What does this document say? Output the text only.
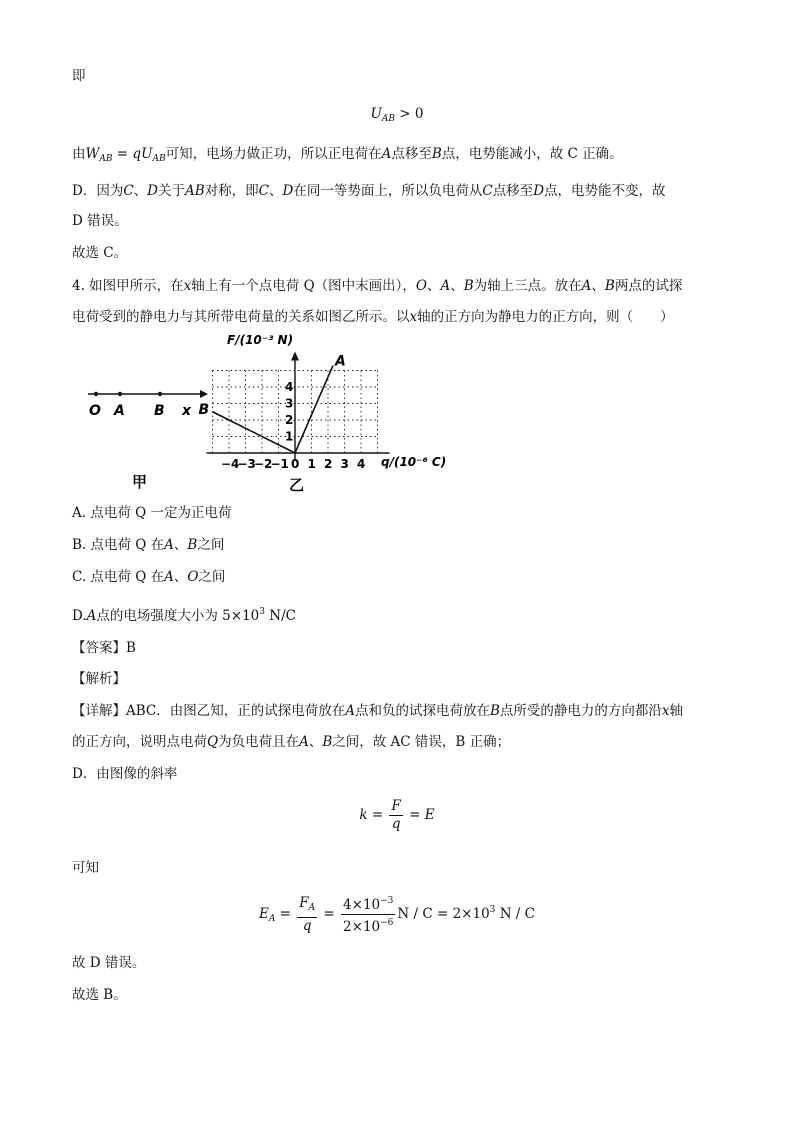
即
$U_{AB} > 0$
由$W_{AB} = qU_{AB}$可知，电场力做正功，所以正电荷在A点移至B点，电势能减小，故 C 正确。
D．因为C、D关于AB对称，即C、D在同一等势面上，所以负电荷从C点移至D点，电势能不变，故
D 错误。
故选 C。
4. 如图甲所示，在x轴上有一个点电荷 Q（图中末画出），O、A、B为轴上三点。放在A、B两点的试探
电荷受到的静电力与其所带电荷量的关系如图乙所示。以x轴的正方向为静电力的正方向，则（　　）
O A B x
甲
−4
−3
−2
−1 0 1 2 3 4
1
2
3
4
A
B
F/(10⁻³ N)
q/(10⁻⁶ C)
乙
A. 点电荷 Q 一定为正电荷
B. 点电荷 Q 在A、B之间
C. 点电荷 Q 在A、O之间
D.A点的电场强度大小为 $5\times 10^3$ N/C
【答案】B
【解析】
【详解】ABC．由图乙知，正的试探电荷放在A点和负的试探电荷放在B点所受的静电力的方向都沿x轴
的正方向，说明点电荷Q为负电荷且在A、B之间，故 AC 错误，B 正确；
D．由图像的斜率
$k = \frac{F}{q} = E$
可知
$E_A = \frac{F_A}{q} = \frac{4\times 10^{-3}}{2\times 10^{-6}}$ $N / C = 2\times 10^3$ N / C
故 D 错误。
故选 B。
